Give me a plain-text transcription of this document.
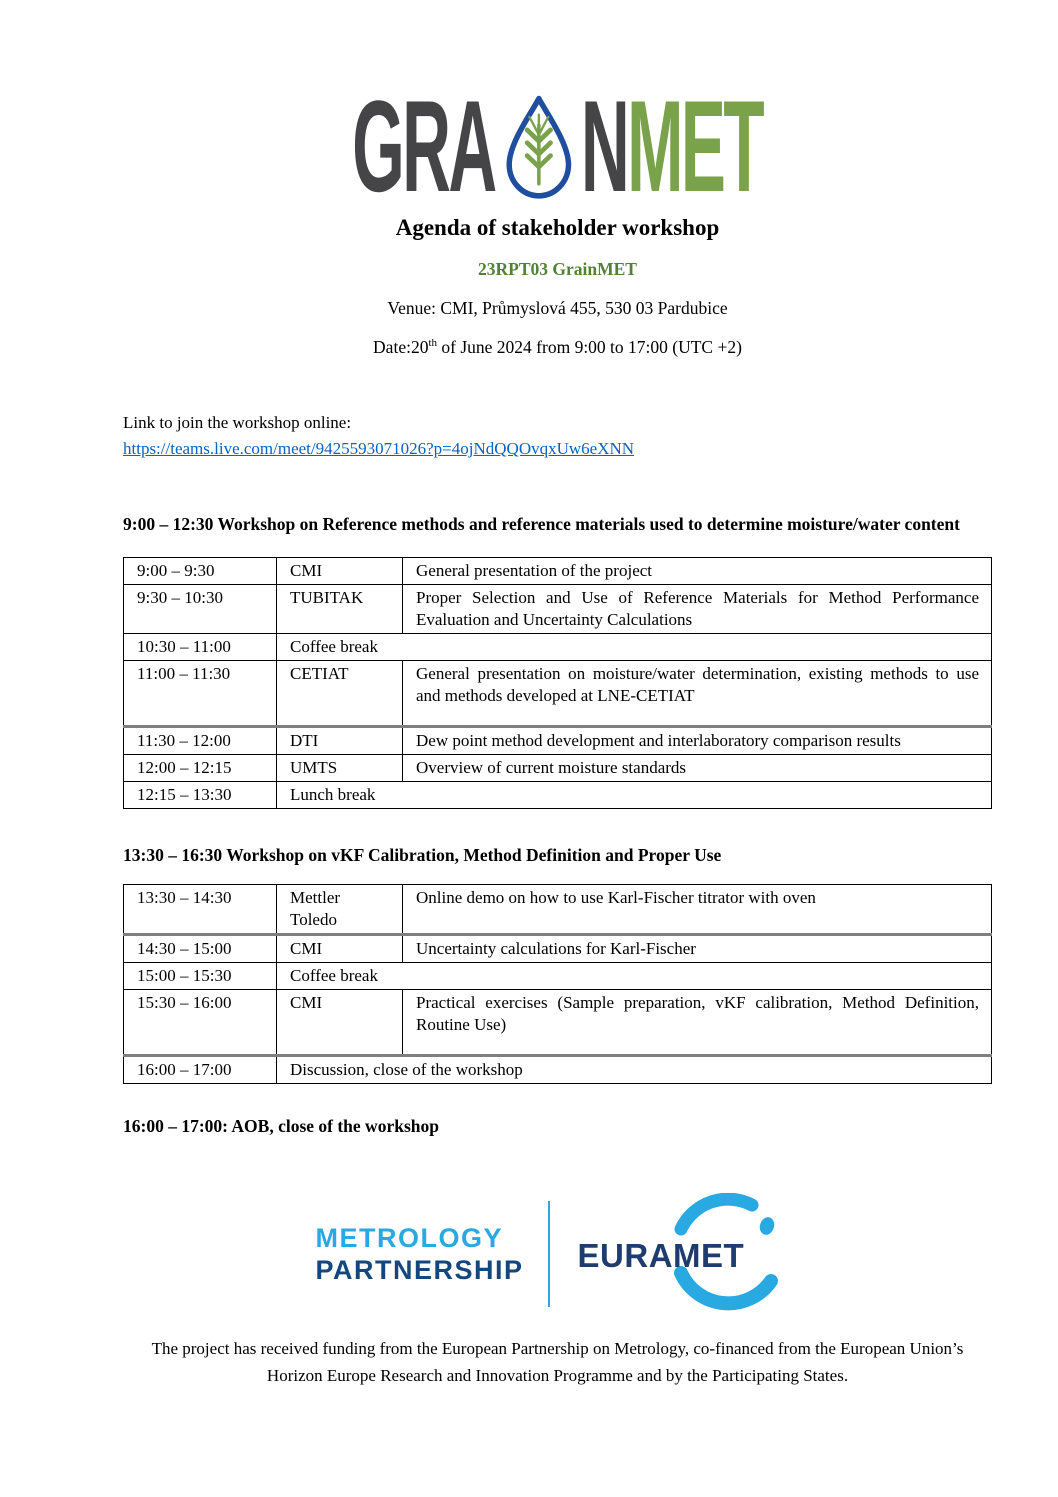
GRA N MET
Agenda of stakeholder workshop
23RPT03 GrainMET
Venue: CMI, Průmyslová 455, 530 03 Pardubice
Date:20th of June 2024 from 9:00 to 17:00 (UTC +2)
Link to join the workshop online:
https://teams.live.com/meet/9425593071026?p=4ojNdQQOvqxUw6eXNN
9:00 – 12:30 Workshop on Reference methods and reference materials used to determine moisture/water content
9:00 – 9:30	CMI	General presentation of the project
9:30 – 10:30	TUBITAK	Proper Selection and Use of Reference Materials for Method Performance Evaluation and Uncertainty Calculations
10:30 – 11:00	Coffee break	
11:00 – 11:30	CETIAT	General presentation on moisture/water determination, existing methods to use and methods developed at LNE-CETIAT
11:30 – 12:00	DTI	Dew point method development and interlaboratory comparison results
12:00 – 12:15	UMTS	Overview of current moisture standards
12:15 – 13:30	Lunch break	
13:30 – 16:30 Workshop on vKF Calibration, Method Definition and Proper Use
13:30 – 14:30	Mettler Toledo	Online demo on how to use Karl-Fischer titrator with oven
14:30 – 15:00	CMI	Uncertainty calculations for Karl-Fischer
15:00 – 15:30	Coffee break	
15:30 – 16:00	CMI	Practical exercises (Sample preparation, vKF calibration, Method Definition, Routine Use)
16:00 – 17:00	Discussion, close of the workshop	
16:00 – 17:00: AOB, close of the workshop
METROLOGY
PARTNERSHIP EURAMET
The project has received funding from the European Partnership on Metrology, co-financed from the European Union’s Horizon Europe Research and Innovation Programme and by the Participating States.
